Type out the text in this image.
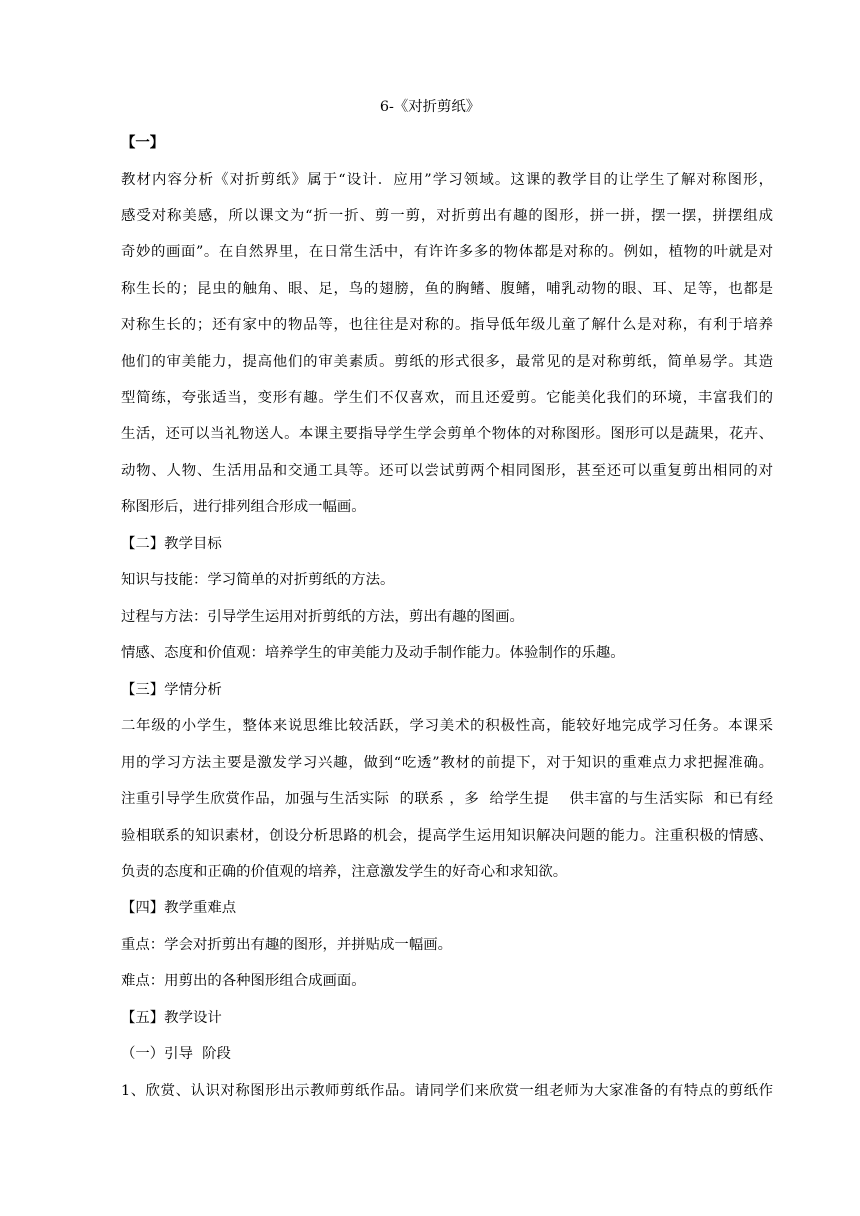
6-《对折剪纸》
【一】
教材内容分析《对折剪纸》属于“设计．应用”学习领域。这课的教学目的让学生了解对称图形，
感受对称美感，所以课文为“折一折、剪一剪，对折剪出有趣的图形，拼一拼，摆一摆，拼摆组成
奇妙的画面”。在自然界里，在日常生活中，有许许多多的物体都是对称的。例如，植物的叶就是对
称生长的；昆虫的触角、眼、足，鸟的翅膀，鱼的胸鳍、腹鳍，哺乳动物的眼、耳、足等，也都是
对称生长的；还有家中的物品等，也往往是对称的。指导低年级儿童了解什么是对称，有利于培养
他们的审美能力，提高他们的审美素质。剪纸的形式很多，最常见的是对称剪纸，简单易学。其造
型简练，夸张适当，变形有趣。学生们不仅喜欢，而且还爱剪。它能美化我们的环境，丰富我们的
生活，还可以当礼物送人。本课主要指导学生学会剪单个物体的对称图形。图形可以是蔬果，花卉、
动物、人物、生活用品和交通工具等。还可以尝试剪两个相同图形，甚至还可以重复剪出相同的对
称图形后，进行排列组合形成一幅画。
【二】教学目标
知识与技能：学习简单的对折剪纸的方法。
过程与方法：引导学生运用对折剪纸的方法，剪出有趣的图画。
情感、态度和价值观：培养学生的审美能力及动手制作能力。体验制作的乐趣。
【三】学情分析
二年级的小学生，整体来说思维比较活跃，学习美术的积极性高，能较好地完成学习任务。本课采
用的学习方法主要是激发学习兴趣，做到“吃透”教材的前提下，对于知识的重难点力求把握准确。
注重引导学生欣赏作品，加强与生活实际  的联系 ，多  给学生提    供丰富的与生活实际  和已有经
验相联系的知识素材，创设分析思路的机会，提高学生运用知识解决问题的能力。注重积极的情感、
负责的态度和正确的价值观的培养，注意激发学生的好奇心和求知欲。
【四】教学重难点
重点：学会对折剪出有趣的图形，并拼贴成一幅画。
难点：用剪出的各种图形组合成画面。
【五】教学设计
（一）引导  阶段
1、欣赏、认识对称图形出示教师剪纸作品。请同学们来欣赏一组老师为大家准备的有特点的剪纸作
